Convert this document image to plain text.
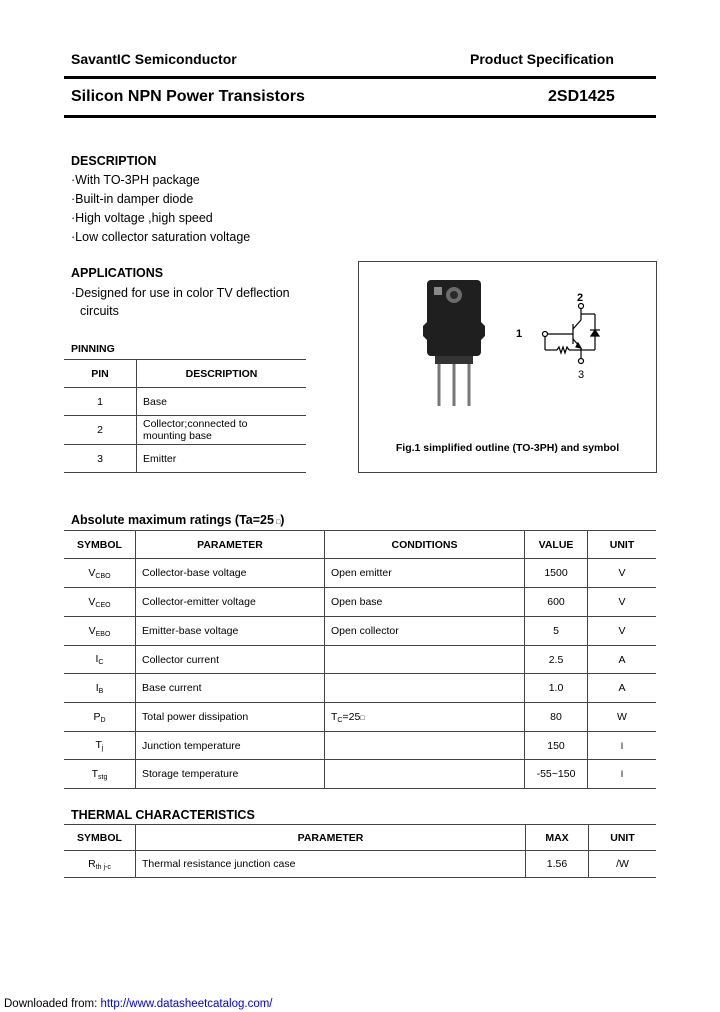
SavantIC Semiconductor	Product Specification
Silicon NPN Power Transistors	2SD1425
DESCRIPTION
·With TO-3PH package
·Built-in damper diode
·High voltage ,high speed
·Low collector saturation voltage
APPLICATIONS
·Designed for use in color TV deflection
circuits
PINNING
PIN	DESCRIPTION
1	Base
2	Collector;connected to
mounting base

3	Emitter
2
1
3
Fig.1 simplified outline (TO-3PH) and symbol
Absolute maximum ratings (Ta=25 □)
SYMBOL	PARAMETER	CONDITIONS	VALUE	UNIT
$V_{CBO}$	Collector-base voltage	Open emitter	1500	V
$V_{CEO}$	Collector-emitter voltage	Open base	600	V
$V_{EBO}$	Emitter-base voltage	Open collector	5	V
$I_C$	Collector current		2.5	A
$I_B$	Base current		1.0	A
$P_D$	Total power dissipation	$T_C=25□$	80	W
$T_j$	Junction temperature		150	I
$T_{stg}$	Storage temperature		-55~150	I
THERMAL CHARACTERISTICS
SYMBOL	PARAMETER	MAX	UNIT
$R_{th j-c}$	Thermal resistance junction case	1.56	/W
Downloaded from: http://www.datasheetcatalog.com/
